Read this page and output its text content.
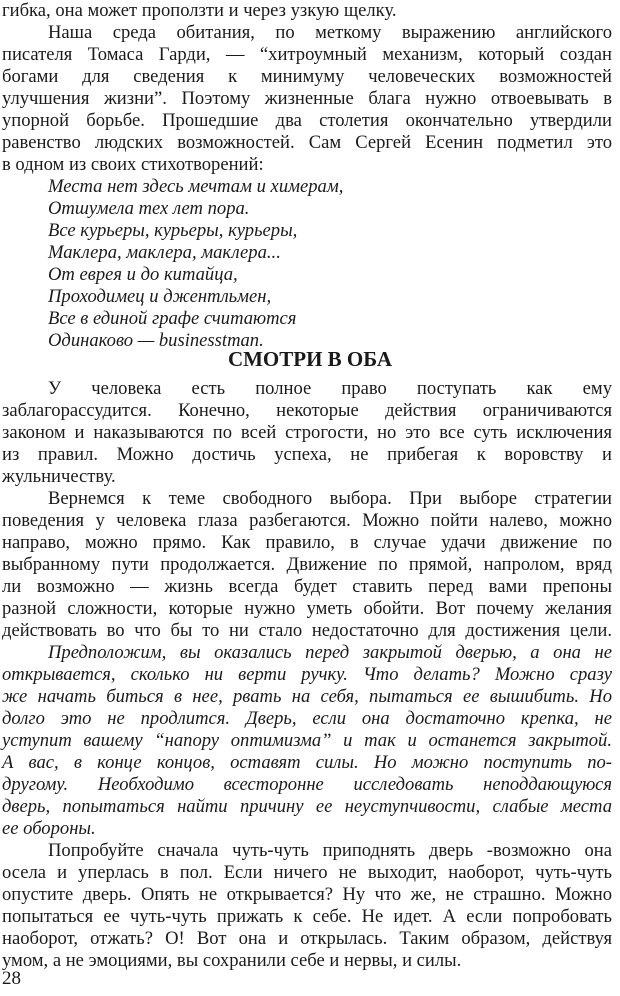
гибка, она может проползти и через узкую щелку.
Наша среда обитания, по меткому выражению английского
писателя Томаса Гарди, — “хитроумный механизм, который создан
богами для сведения к минимуму человеческих возможностей
улучшения жизни”. Поэтому жизненные блага нужно отвоевывать в
упорной борьбе. Прошедшие два столетия окончательно утвердили
равенство людских возможностей. Сам Сергей Есенин подметил это
в одном из своих стихотворений:
Места нет здесь мечтам и химерам,
Отшумела тех лет пора.
Все курьеры, курьеры, курьеры,
Маклера, маклера, маклера...
От еврея и до китайца,
Проходимец и джентльмен,
Все в единой графе считаются
Одинаково — businesstman.
СМОТРИ В ОБА
У человека есть полное право поступать как ему
заблагорассудится. Конечно, некоторые действия ограничиваются
законом и наказываются по всей строгости, но это все суть исключения
из правил. Можно достичь успеха, не прибегая к воровству и
жульничеству.
Вернемся к теме свободного выбора. При выборе стратегии
поведения у человека глаза разбегаются. Можно пойти налево, можно
направо, можно прямо. Как правило, в случае удачи движение по
выбранному пути продолжается. Движение по прямой, напролом, вряд
ли возможно — жизнь всегда будет ставить перед вами препоны
разной сложности, которые нужно уметь обойти. Вот почему желания
действовать во что бы то ни стало недостаточно для достижения цели.
Предположим, вы оказались перед закрытой дверью, а она не
открывается, сколько ни верти ручку. Что делать? Можно сразу
же начать биться в нее, рвать на себя, пытаться ее вышибить. Но
долго это не продлится. Дверь, если она достаточно крепка, не
уступит вашему “напору оптимизма” и так и останется закрытой.
А вас, в конце концов, оставят силы. Но можно поступить по-
другому. Необходимо всесторонне исследовать неподдающуюся
дверь, попытаться найти причину ее неуступчивости, слабые места
ее обороны.
Попробуйте сначала чуть-чуть приподнять дверь -возможно она
осела и уперлась в пол. Если ничего не выходит, наоборот, чуть-чуть
опустите дверь. Опять не открывается? Ну что же, не страшно. Можно
попытаться ее чуть-чуть прижать к себе. Не идет. А если попробовать
наоборот, отжать? О! Вот она и открылась. Таким образом, действуя
умом, а не эмоциями, вы сохранили себе и нервы, и силы.
28
